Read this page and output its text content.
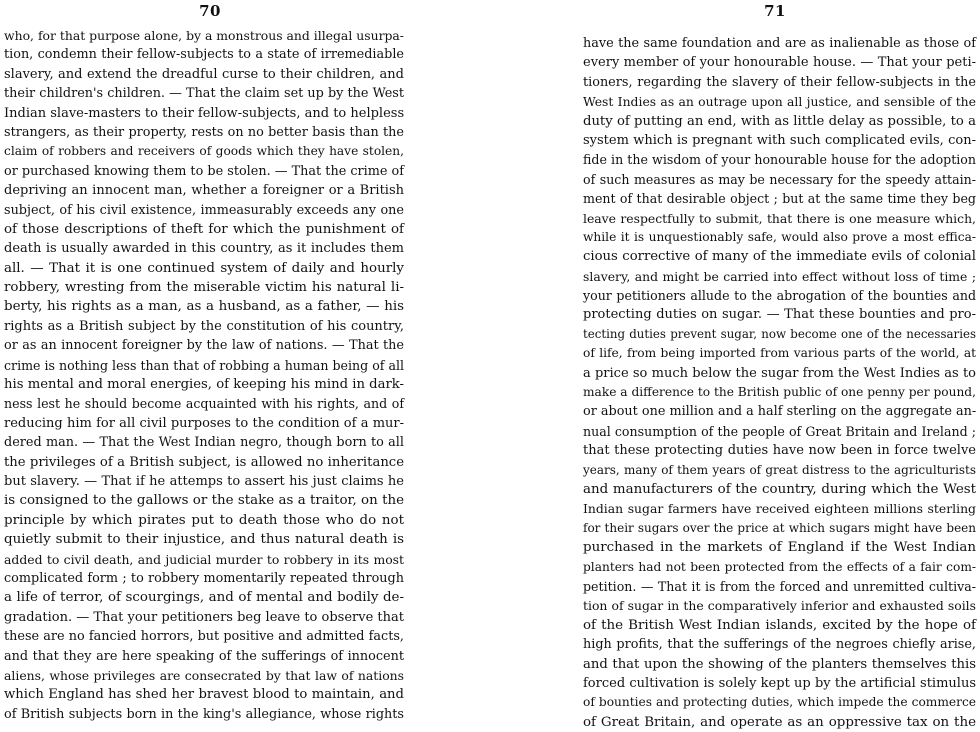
70
who, for that purpose alone, by a monstrous and illegal usurpa-
tion, condemn their fellow-subjects to a state of irremediable
slavery, and extend the dreadful curse to their children, and
their children's children. — That the claim set up by the West
Indian slave-masters to their fellow-subjects, and to helpless
strangers, as their property, rests on no better basis than the
claim of robbers and receivers of goods which they have stolen,
or purchased knowing them to be stolen. — That the crime of
depriving an innocent man, whether a foreigner or a British
subject, of his civil existence, immeasurably exceeds any one
of those descriptions of theft for which the punishment of
death is usually awarded in this country, as it includes them
all. — That it is one continued system of daily and hourly
robbery, wresting from the miserable victim his natural li-
berty, his rights as a man, as a husband, as a father, — his
rights as a British subject by the constitution of his country,
or as an innocent foreigner by the law of nations. — That the
crime is nothing less than that of robbing a human being of all
his mental and moral energies, of keeping his mind in dark-
ness lest he should become acquainted with his rights, and of
reducing him for all civil purposes to the condition of a mur-
dered man. — That the West Indian negro, though born to all
the privileges of a British subject, is allowed no inheritance
but slavery. — That if he attemps to assert his just claims he
is consigned to the gallows or the stake as a traitor, on the
principle by which pirates put to death those who do not
quietly submit to their injustice, and thus natural death is
added to civil death, and judicial murder to robbery in its most
complicated form ; to robbery momentarily repeated through
a life of terror, of scourgings, and of mental and bodily de-
gradation. — That your petitioners beg leave to observe that
these are no fancied horrors, but positive and admitted facts,
and that they are here speaking of the sufferings of innocent
aliens, whose privileges are consecrated by that law of nations
which England has shed her bravest blood to maintain, and
of British subjects born in the king's allegiance, whose rights
71
have the same foundation and are as inalienable as those of
every member of your honourable house. — That your peti-
tioners, regarding the slavery of their fellow-subjects in the
West Indies as an outrage upon all justice, and sensible of the
duty of putting an end, with as little delay as possible, to a
system which is pregnant with such complicated evils, con-
fide in the wisdom of your honourable house for the adoption
of such measures as may be necessary for the speedy attain-
ment of that desirable object ; but at the same time they beg
leave respectfully to submit, that there is one measure which,
while it is unquestionably safe, would also prove a most effica-
cious corrective of many of the immediate evils of colonial
slavery, and might be carried into effect without loss of time ;
your petitioners allude to the abrogation of the bounties and
protecting duties on sugar. — That these bounties and pro-
tecting duties prevent sugar, now become one of the necessaries
of life, from being imported from various parts of the world, at
a price so much below the sugar from the West Indies as to
make a difference to the British public of one penny per pound,
or about one million and a half sterling on the aggregate an-
nual consumption of the people of Great Britain and Ireland ;
that these protecting duties have now been in force twelve
years, many of them years of great distress to the agriculturists
and manufacturers of the country, during which the West
Indian sugar farmers have received eighteen millions sterling
for their sugars over the price at which sugars might have been
purchased in the markets of England if the West Indian
planters had not been protected from the effects of a fair com-
petition. — That it is from the forced and unremitted cultiva-
tion of sugar in the comparatively inferior and exhausted soils
of the British West Indian islands, excited by the hope of
high profits, that the sufferings of the negroes chiefly arise,
and that upon the showing of the planters themselves this
forced cultivation is solely kept up by the artificial stimulus
of bounties and protecting duties, which impede the commerce
of Great Britain, and operate as an oppressive tax on the
